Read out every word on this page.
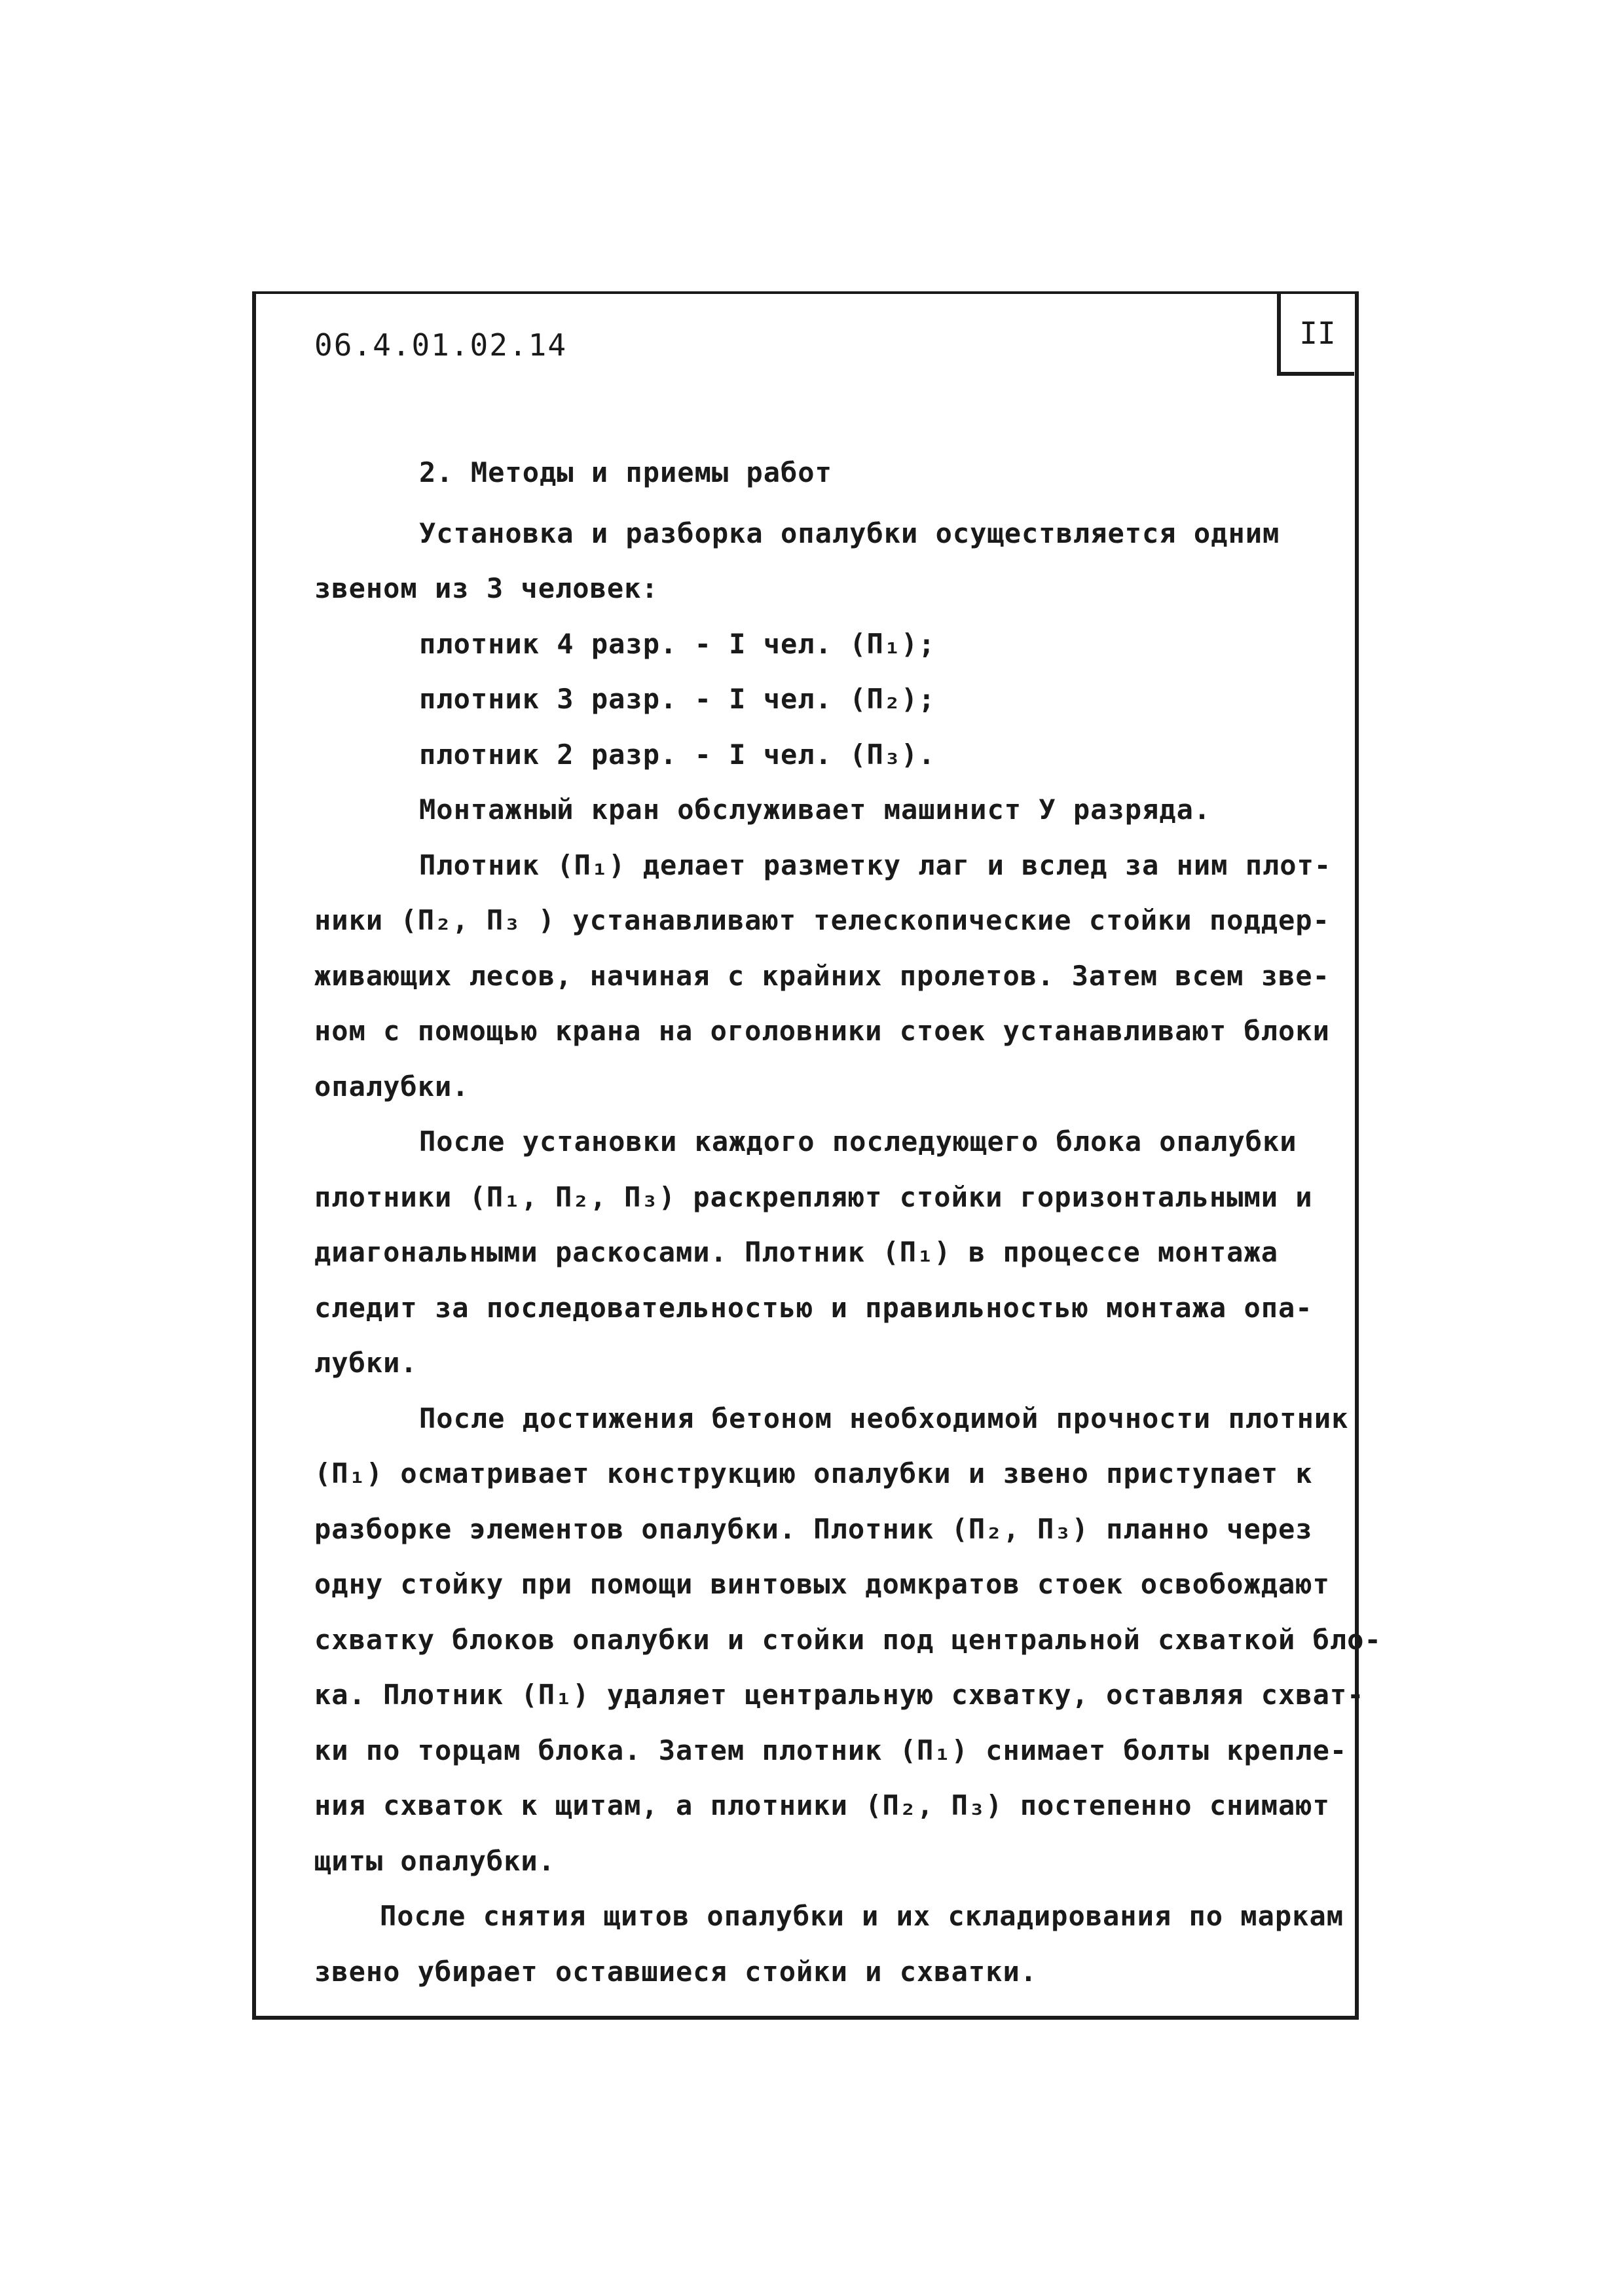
06.4.01.02.14	II
2. Методы и приемы работ
Установка и разборка опалубки осуществляется одним
звеном из 3 человек:
плотник 4 разр. - I чел. (П₁);
плотник 3 разр. - I чел. (П₂);
плотник 2 разр. - I чел. (П₃).
Монтажный кран обслуживает машинист У разряда.
Плотник (П₁) делает разметку лаг и вслед за ним плот-
ники (П₂, П₃ ) устанавливают телескопические стойки поддер-
живающих лесов, начиная с крайних пролетов. Затем всем зве-
ном с помощью крана на оголовники стоек устанавливают блоки
опалубки.
После установки каждого последующего блока опалубки
плотники (П₁, П₂, П₃) раскрепляют стойки горизонтальными и
диагональными раскосами. Плотник (П₁) в процессе монтажа
следит за последовательностью и правильностью монтажа опа-
лубки.
После достижения бетоном необходимой прочности плотник
(П₁) осматривает конструкцию опалубки и звено приступает к
разборке элементов опалубки. Плотник (П₂, П₃) планно через
одну стойку при помощи винтовых домкратов стоек освобождают
схватку блоков опалубки и стойки под центральной схваткой бло-
ка. Плотник (П₁) удаляет центральную схватку, оставляя схват-
ки по торцам блока. Затем плотник (П₁) снимает болты крепле-
ния схваток к щитам, а плотники (П₂, П₃) постепенно снимают
щиты опалубки.
После снятия щитов опалубки и их складирования по маркам
звено убирает оставшиеся стойки и схватки.
